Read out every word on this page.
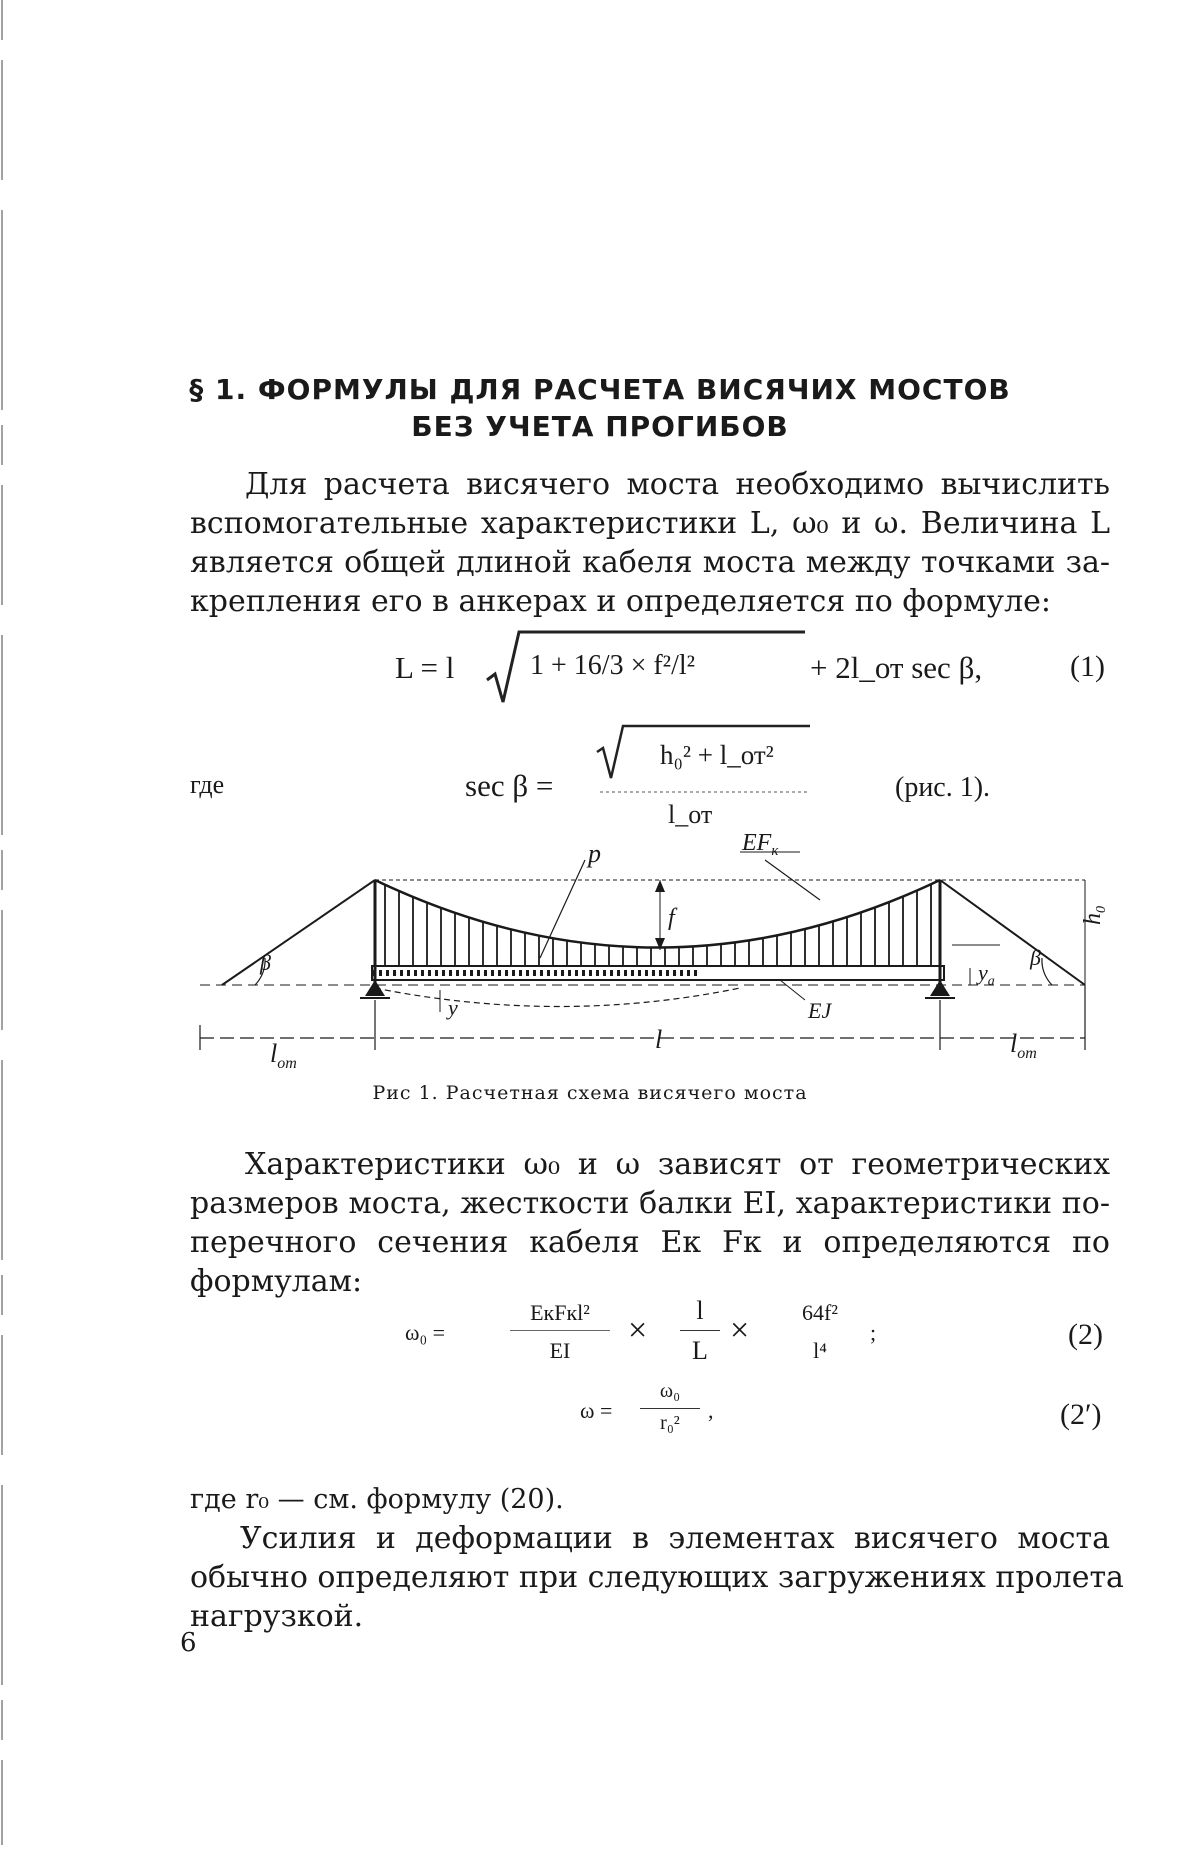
§ 1. ФОРМУЛЫ ДЛЯ РАСЧЕТА ВИСЯЧИХ МОСТОВ
БЕЗ УЧЕТА ПРОГИБОВ
Для расчета висячего моста необходимо вычислить
вспомогательные характеристики L, ω₀ и ω. Величина L
является общей длиной кабеля моста между точками за-
крепления его в анкерах и определяется по формуле:
L = l	1 + 16/3 × f²/l²	+ 2l_от sec β,	(1)
где	sec β =
h₀² + l_от²
l_от
(рис. 1).
p	$EF_к$
f	$h_0$
β	β
y
$y_а$
EJ
$l_{от}$
l	$l_{от}$
Рис 1. Расчетная схема висячего моста
Характеристики ω₀ и ω зависят от геометрических
размеров моста, жесткости балки EI, характеристики по-
перечного сечения кабеля Eк Fк и определяются по
формулам:
ω₀ =
EкFкl²
EI
×
l
L
×	64f²
l⁴
;	(2)
ω =
ω₀
r₀²	,	(2′)
где r₀ — см. формулу (20).
Усилия и деформации в элементах висячего моста
обычно определяют при следующих загружениях пролета
нагрузкой.
6
